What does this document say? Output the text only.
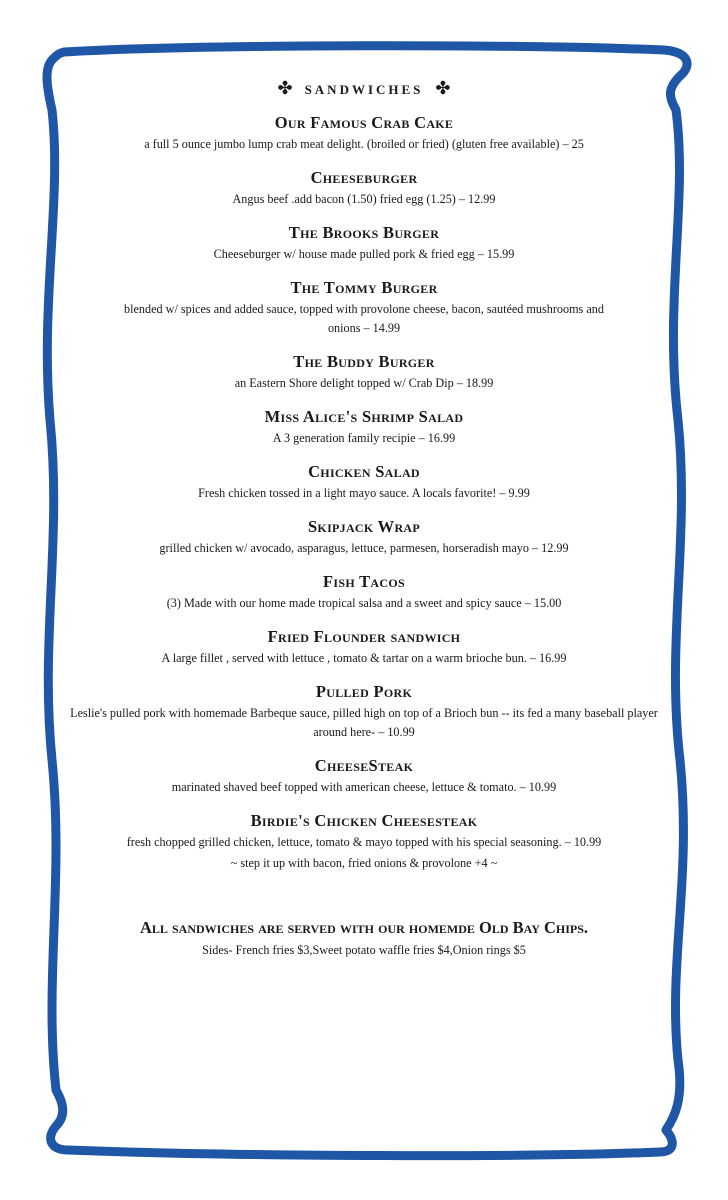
✤ sandwiches ✤
Our Famous Crab Cake
a full 5 ounce jumbo lump crab meat delight. (broiled or fried) (gluten free available) – 25
Cheeseburger
Angus beef .add bacon (1.50) fried egg (1.25) – 12.99
The Brooks Burger
Cheeseburger w/ house made pulled pork & fried egg – 15.99
The Tommy Burger
blended w/ spices and added sauce, topped with provolone cheese, bacon, sautéed mushrooms and onions – 14.99
The Buddy Burger
an Eastern Shore delight topped w/ Crab Dip – 18.99
Miss Alice's Shrimp Salad
A 3 generation family recipie – 16.99
Chicken Salad
Fresh chicken tossed in a light mayo sauce. A locals favorite! – 9.99
Skipjack Wrap
grilled chicken w/ avocado, asparagus, lettuce, parmesen, horseradish mayo – 12.99
Fish Tacos
(3) Made with our home made tropical salsa and a sweet and spicy sauce – 15.00
Fried Flounder sandwich
A large fillet , served with lettuce , tomato & tartar on a warm brioche bun. – 16.99
Pulled Pork
Leslie's pulled pork with homemade Barbeque sauce, pilled high on top of a Brioch bun -- its fed a many baseball player around here- – 10.99
CheeseSteak
marinated shaved beef topped with american cheese, lettuce & tomato. – 10.99
Birdie's Chicken Cheesesteak
fresh chopped grilled chicken, lettuce, tomato & mayo topped with his special seasoning. – 10.99
~ step it up with bacon, fried onions & provolone +4 ~
All sandwiches are served with our homemde Old Bay Chips.
Sides- French fries $3,Sweet potato waffle fries $4,Onion rings $5
